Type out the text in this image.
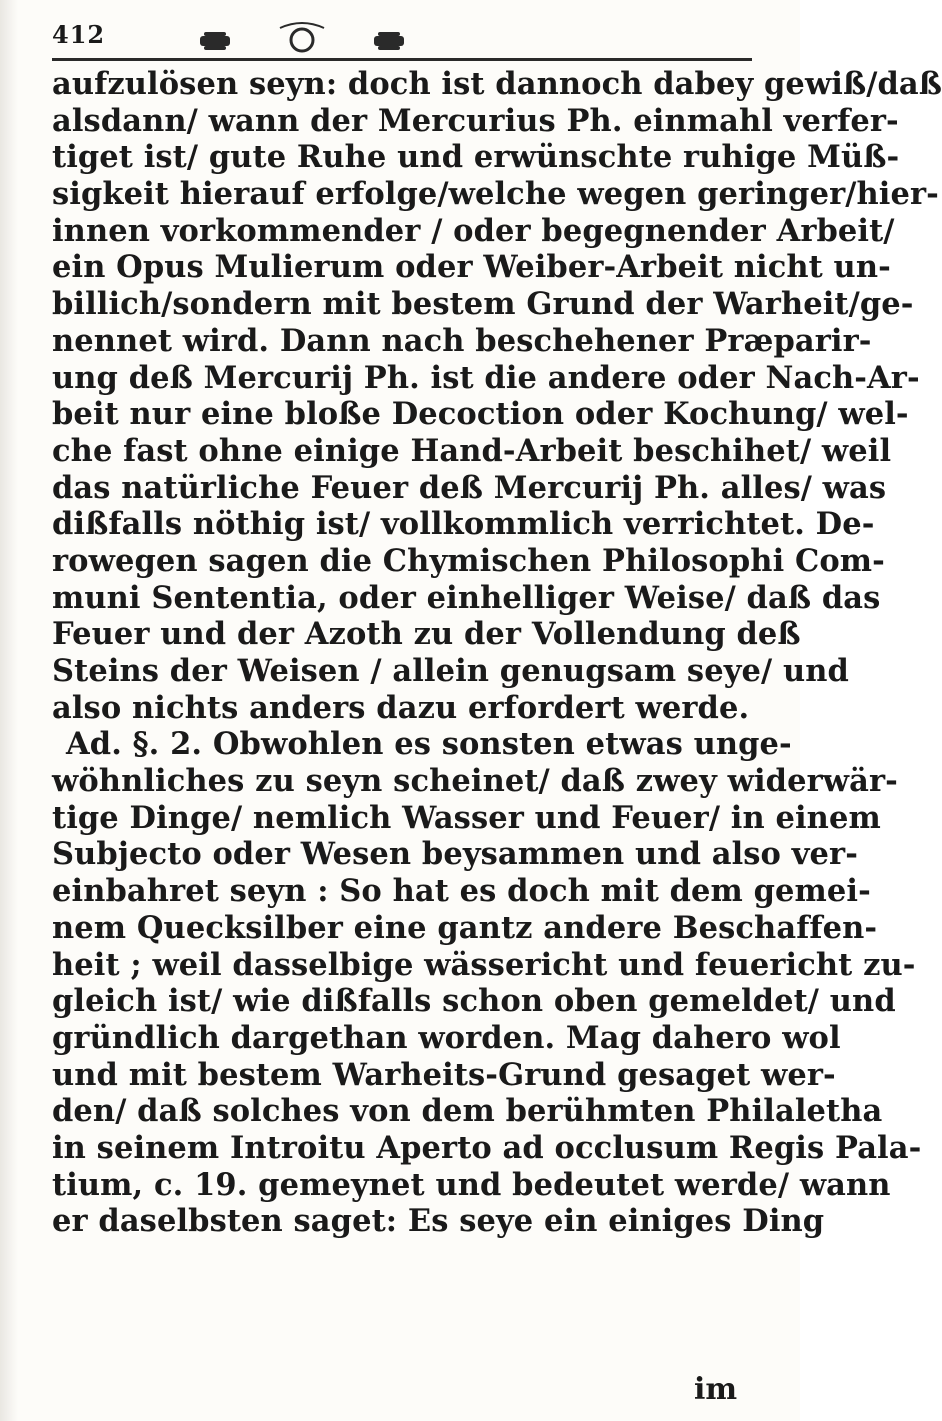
412
aufzulösen seyn: doch ist dannoch dabey gewiß/daß
alsdann/ wann der Mercurius Ph. einmahl verfer-
tiget ist/ gute Ruhe und erwünschte ruhige Müß-
sigkeit hierauf erfolge/welche wegen geringer/hier-
innen vorkommender / oder begegnender Arbeit/
ein Opus Mulierum oder Weiber-Arbeit nicht un-
billich/sondern mit bestem Grund der Warheit/ge-
nennet wird. Dann nach beschehener Præparir-
ung deß Mercurij Ph. ist die andere oder Nach-Ar-
beit nur eine bloße Decoction oder Kochung/ wel-
che fast ohne einige Hand-Arbeit beschihet/ weil
das natürliche Feuer deß Mercurij Ph. alles/ was
dißfalls nöthig ist/ vollkommlich verrichtet. De-
rowegen sagen die Chymischen Philosophi Com-
muni Sententia, oder einhelliger Weise/ daß das
Feuer und der Azoth zu der Vollendung deß
Steins der Weisen / allein genugsam seye/ und
also nichts anders dazu erfordert werde.
Ad. §. 2. Obwohlen es sonsten etwas unge-
wöhnliches zu seyn scheinet/ daß zwey widerwär-
tige Dinge/ nemlich Wasser und Feuer/ in einem
Subjecto oder Wesen beysammen und also ver-
einbahret seyn : So hat es doch mit dem gemei-
nem Quecksilber eine gantz andere Beschaffen-
heit ; weil dasselbige wässericht und feuericht zu-
gleich ist/ wie dißfalls schon oben gemeldet/ und
gründlich dargethan worden. Mag dahero wol
und mit bestem Warheits-Grund gesaget wer-
den/ daß solches von dem berühmten Philaletha
in seinem Introitu Aperto ad occlusum Regis Pala-
tium, c. 19. gemeynet und bedeutet werde/ wann
er daselbsten saget: Es seye ein einiges Ding
im
